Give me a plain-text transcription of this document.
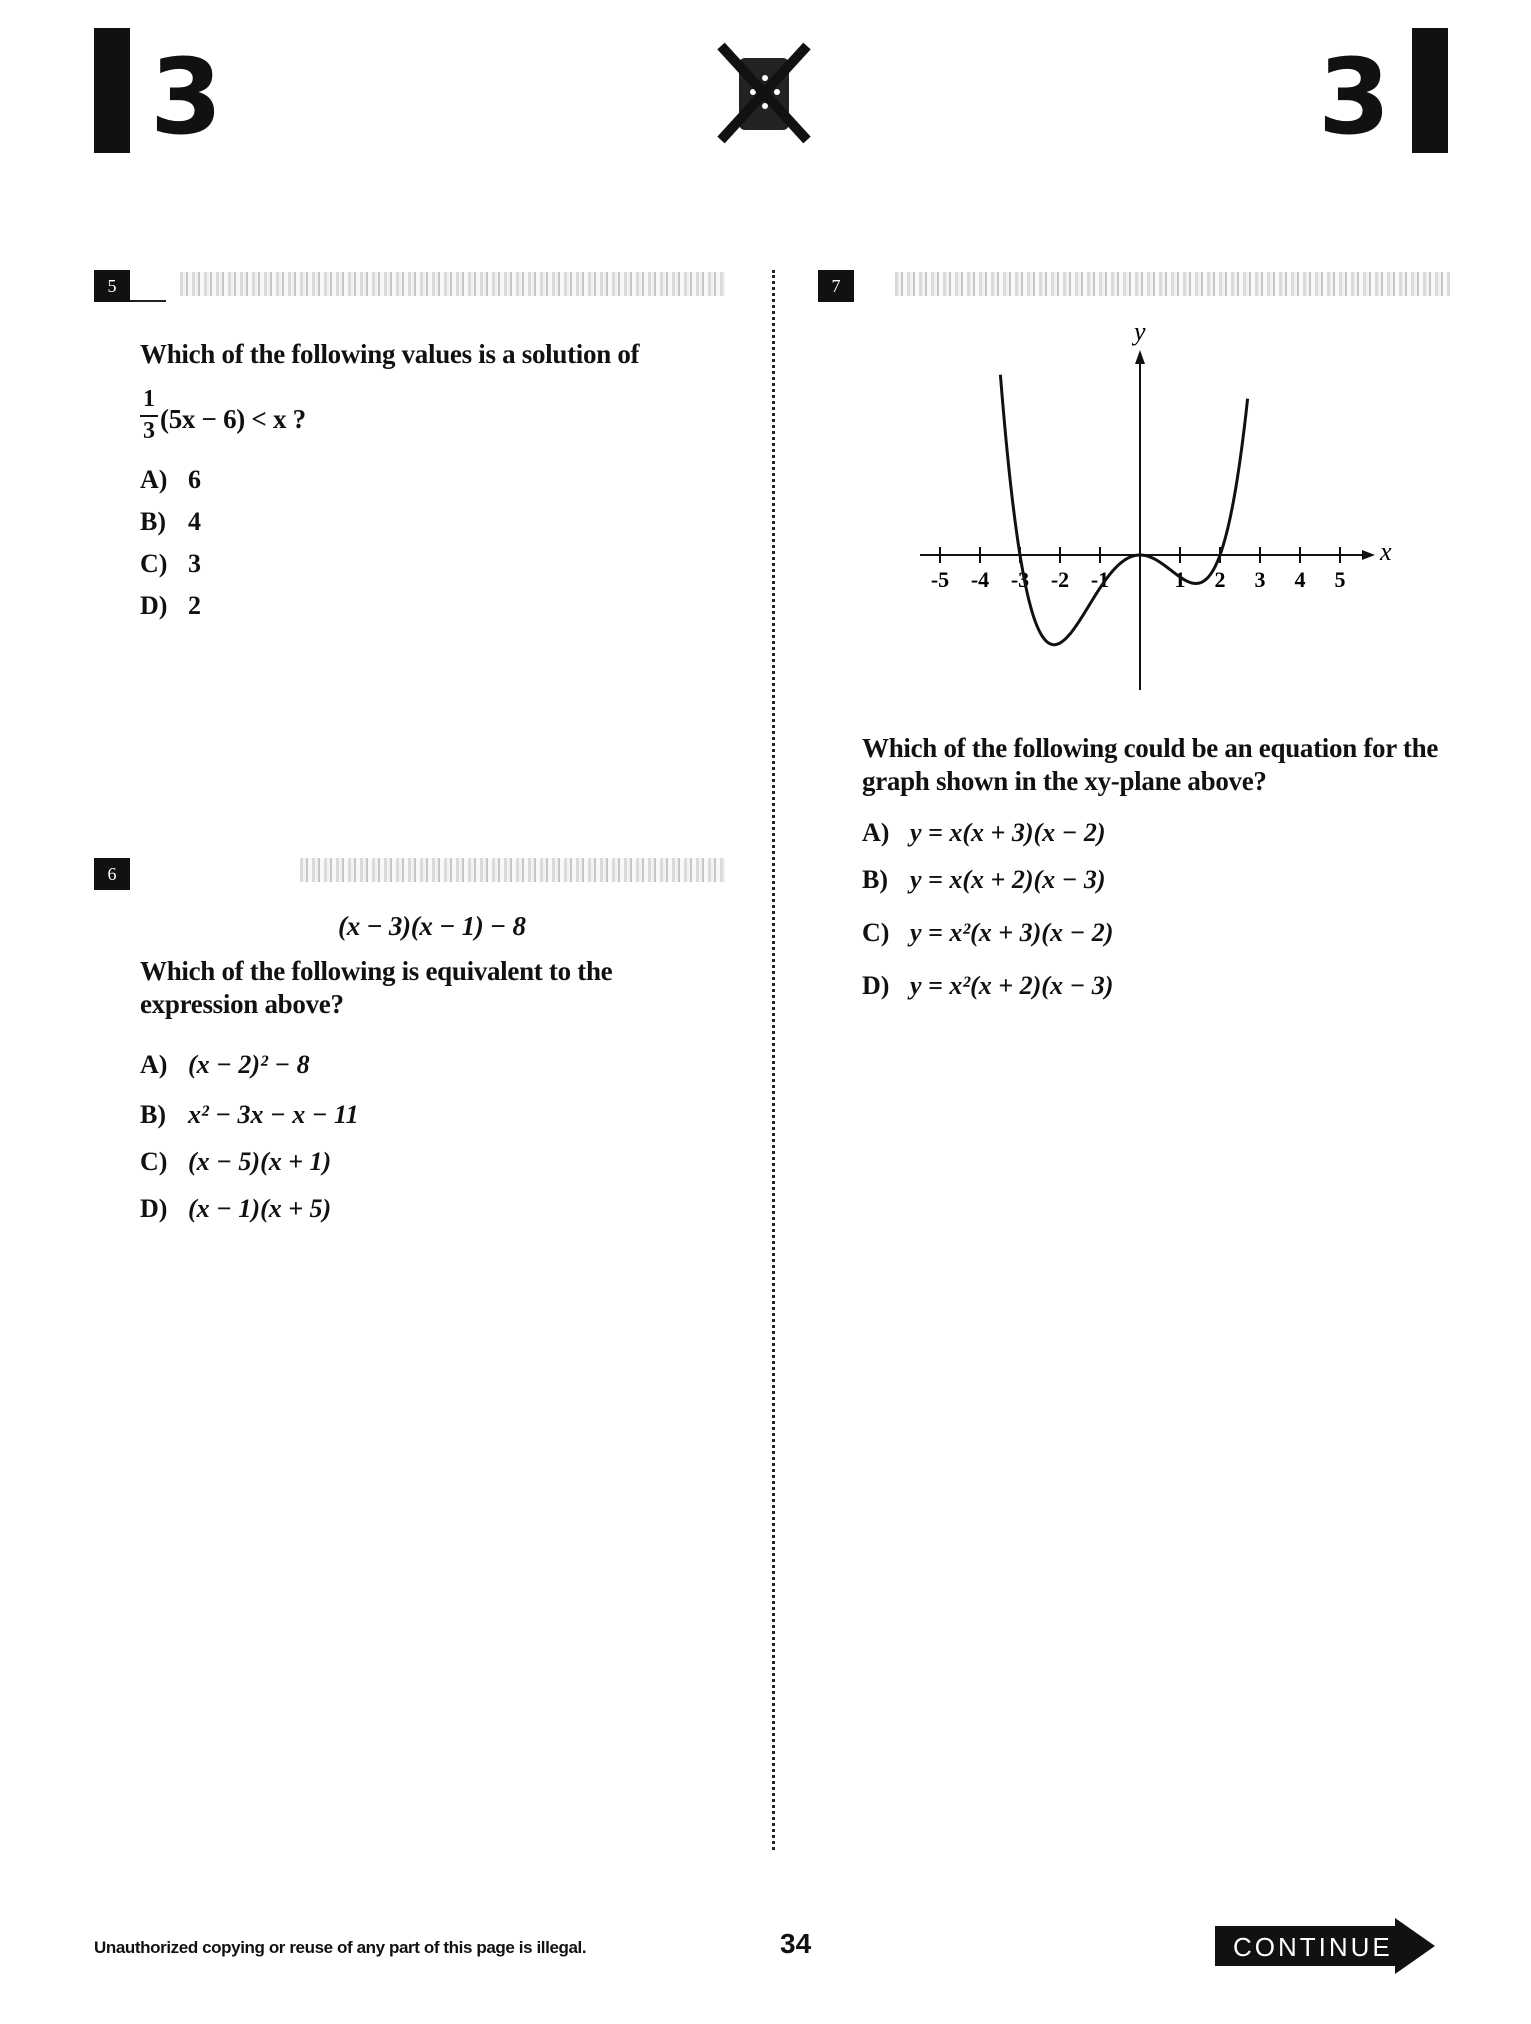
3	3
5
Which of the following values is a solution of
1
3 (5x − 6) < x ?
A) 6
B) 4
C) 3
D) 2
6
(x − 3)(x − 1) − 8
Which of the following is equivalent to the
expression above?
A) (x − 2)² − 8
B) x² − 3x − x − 11
C) (x − 5)(x + 1)
D) (x − 1)(x + 5)
7
-5 -4 -3 -2 -1	1 2 3 4 5
x
y
Which of the following could be an equation for the
graph shown in the xy-plane above?
A) y = x(x + 3)(x − 2)
B) y = x(x + 2)(x − 3)
C) y = x²(x + 3)(x − 2)
D) y = x²(x + 2)(x − 3)
Unauthorized copying or reuse of any part of this page is illegal.	34	CONTINUE
